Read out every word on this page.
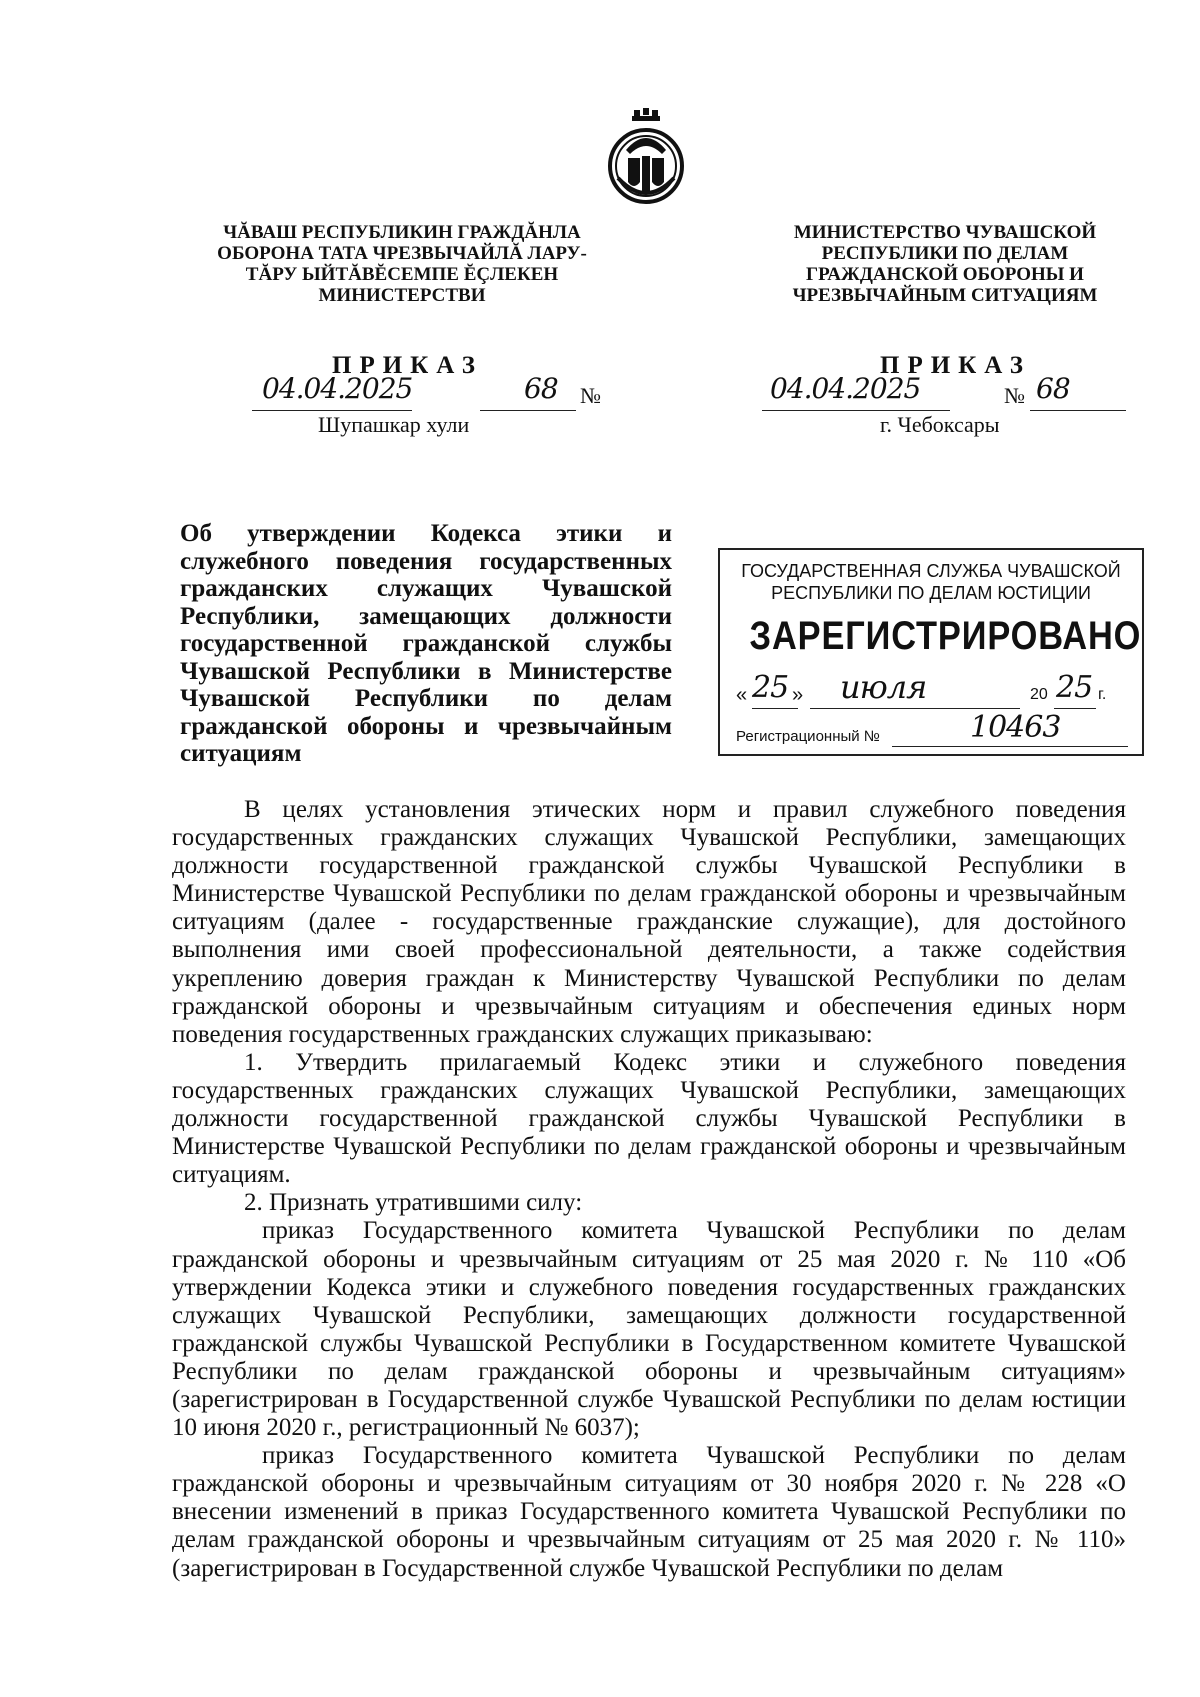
ЧĂВАШ РЕСПУБЛИКИН ГРАЖДĂНЛА ОБОРОНА ТАТА ЧРЕЗВЫЧАЙЛĂ ЛАРУ-ТĂРУ ЫЙТĂВĔСЕМПЕ ĔÇЛЕКЕН МИНИСТЕРСТВИ
МИНИСТЕРСТВО ЧУВАШСКОЙ РЕСПУБЛИКИ ПО ДЕЛАМ ГРАЖДАНСКОЙ ОБОРОНЫ И ЧРЕЗВЫЧАЙНЫМ СИТУАЦИЯМ
ПРИКАЗ	ПРИКАЗ
04.04.2025	68 №	04.04.2025	№ 68
Шупашкар хули	г. Чебоксары
Об утверждении Кодекса этики и служебного поведения государственных гражданских служащих Чувашской Республики, замещающих должности государственной гражданской службы Чувашской Республики в Министерстве Чувашской Республики по делам гражданской обороны и чрезвычайным ситуациям
ГОСУДАРСТВЕННАЯ СЛУЖБА ЧУВАШСКОЙ
РЕСПУБЛИКИ ПО ДЕЛАМ ЮСТИЦИИ
ЗАРЕГИСТРИРОВАНО
« 25 » июля	20 25 г.
Регистрационный №	10463

В целях установления этических норм и правил служебного поведения государственных гражданских служащих Чувашской Республики, замещающих должности государственной гражданской службы Чувашской Республики в Министерстве Чувашской Республики по делам гражданской обороны и чрезвычайным ситуациям (далее - государственные гражданские служащие), для достойного выполнения ими своей профессиональной деятельности, а также содействия укреплению доверия граждан к Министерству Чувашской Республики по делам гражданской обороны и чрезвычайным ситуациям и обеспечения единых норм поведения государственных гражданских служащих приказываю:

1. Утвердить прилагаемый Кодекс этики и служебного поведения государственных гражданских служащих Чувашской Республики, замещающих должности государственной гражданской службы Чувашской Республики в Министерстве Чувашской Республики по делам гражданской обороны и чрезвычайным ситуациям.

2. Признать утратившими силу:

приказ Государственного комитета Чувашской Республики по делам гражданской обороны и чрезвычайным ситуациям от 25 мая 2020 г. № 110 «Об утверждении Кодекса этики и служебного поведения государственных гражданских служащих Чувашской Республики, замещающих должности государственной гражданской службы Чувашской Республики в Государственном комитете Чувашской Республики по делам гражданской обороны и чрезвычайным ситуациям» (зарегистрирован в Государственной службе Чувашской Республики по делам юстиции 10 июня 2020 г., регистрационный № 6037);

приказ Государственного комитета Чувашской Республики по делам гражданской обороны и чрезвычайным ситуациям от 30 ноября 2020 г. № 228 «О внесении изменений в приказ Государственного комитета Чувашской Республики по делам гражданской обороны и чрезвычайным ситуациям от 25 мая 2020 г. № 110» (зарегистрирован в Государственной службе Чувашской Республики по делам
